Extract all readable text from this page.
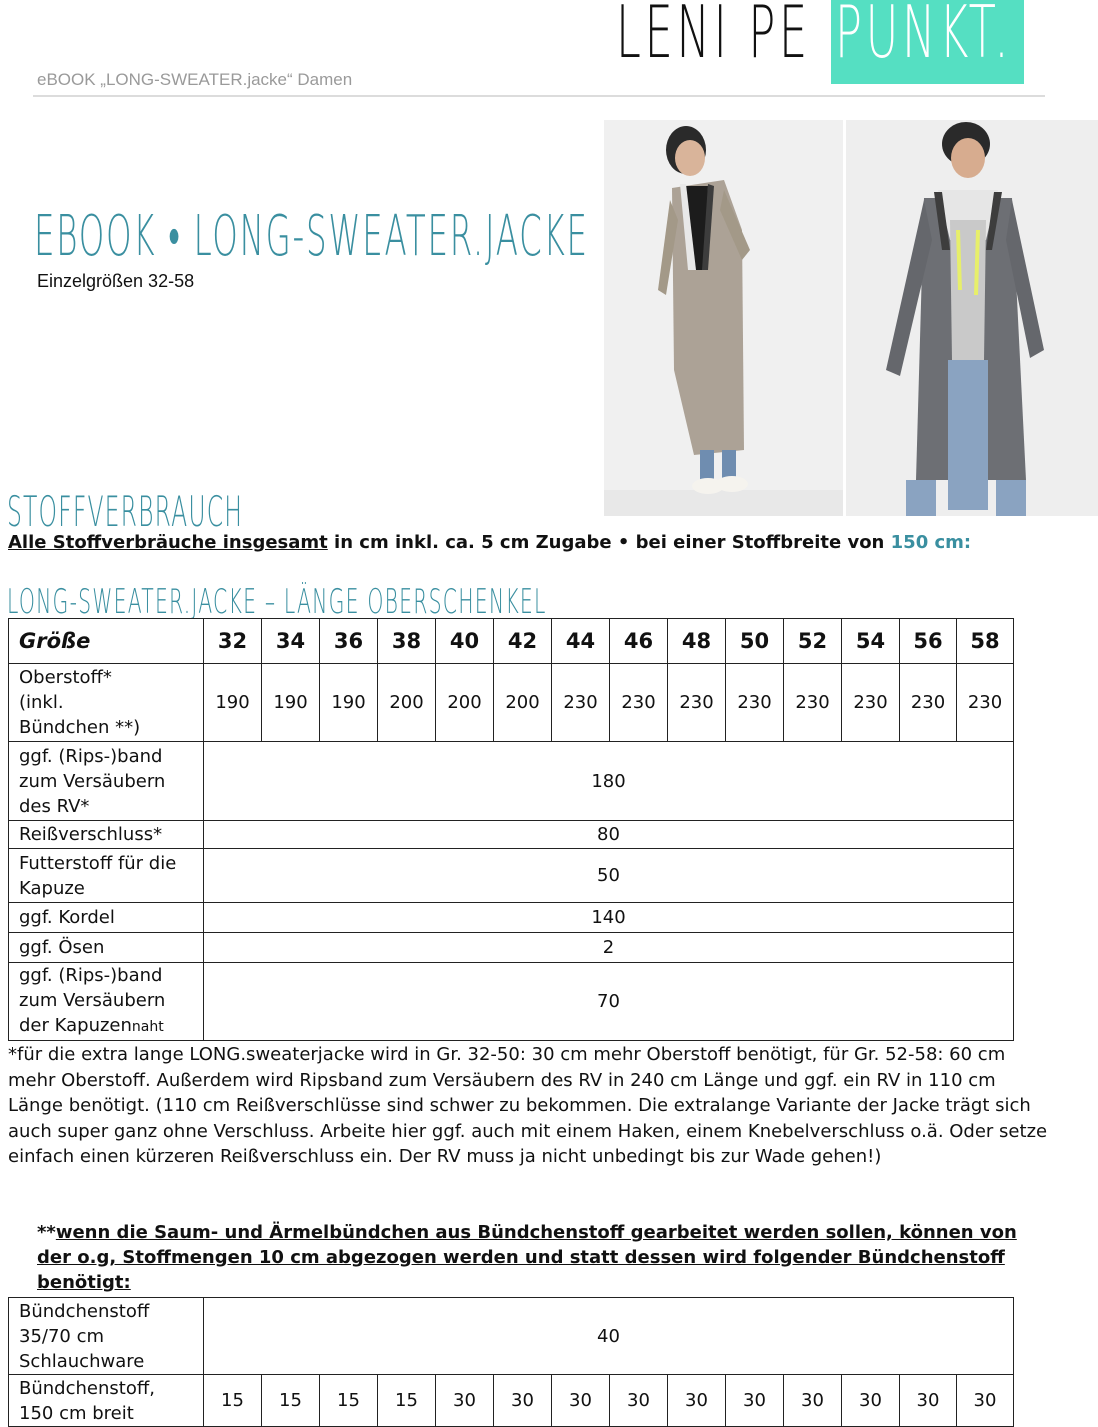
eBOOK „LONG-SWEATER.jacke“ Damen
LENI PE PUNKT.
EBOOK • LONG-SWEATER.JACKE
Einzelgrößen 32-58
STOFFVERBRAUCH
Alle Stoffverbräuche insgesamt in cm inkl. ca. 5 cm Zugabe • bei einer Stoffbreite von 150 cm:
LONG-SWEATER.JACKE – LÄNGE OBERSCHENKEL
Größe	32	34	36	38	40	42	44	46	48	50	52	54	56	58

Oberstoff*
(inkl.
Bündchen **)	190	190	190	200	200	200	230	230	230	230	230	230	230	230

ggf. (Rips-)band
zum Versäubern
des RV*	180													

Reißverschluss*	80													

Futterstoff für die
Kapuze	50													

ggf. Kordel	140													

ggf. Ösen	2													

ggf. (Rips-)band
zum Versäubern
der Kapuzennaht	70													
*für die extra lange LONG.sweaterjacke wird in Gr. 32-50: 30 cm mehr Oberstoff benötigt, für Gr. 52-58: 60 cm mehr Oberstoff. Außerdem wird Ripsband zum Versäubern des RV in 240 cm Länge und ggf. ein RV in 110 cm Länge benötigt. (110 cm Reißverschlüsse sind schwer zu bekommen. Die extralange Variante der Jacke trägt sich auch super ganz ohne Verschluss. Arbeite hier ggf. auch mit einem Haken, einem Knebelverschluss o.ä. Oder setze einfach einen kürzeren Reißverschluss ein. Der RV muss ja nicht unbedingt bis zur Wade gehen!)
**wenn die Saum- und Ärmelbündchen aus Bündchenstoff gearbeitet werden sollen, können von der o.g, Stoffmengen 10 cm abgezogen werden und statt dessen wird folgender Bündchenstoff benötigt:
Bündchenstoff
35/70 cm
Schlauchware	40													

Bündchenstoff,
150 cm breit	15	15	15	15	30	30	30	30	30	30	30	30	30	30
